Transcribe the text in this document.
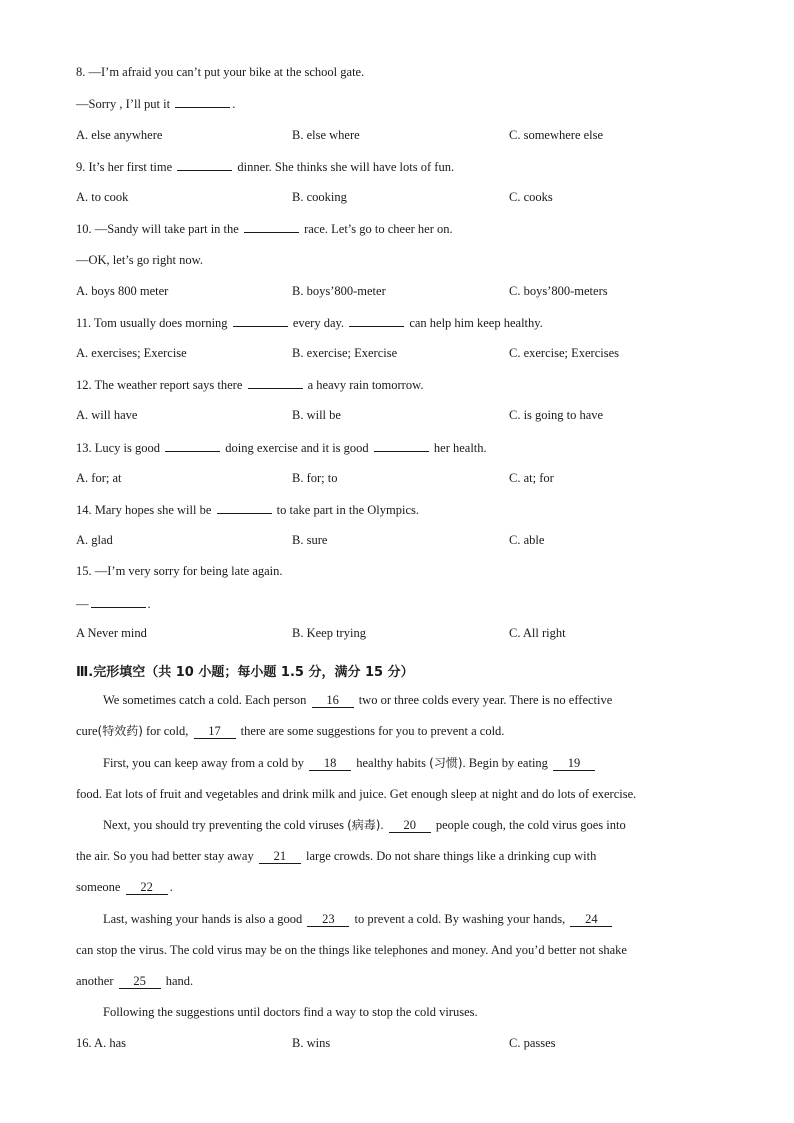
8. —I’m afraid you can’t put your bike at the school gate.
—Sorry , I’ll put it	.
A. else anywhere	B. else where	C. somewhere else
9. It’s her first time	dinner. She thinks she will have lots of fun.
A. to cook	B. cooking	C. cooks
10. —Sandy will take part in the	race. Let’s go to cheer her on.
—OK, let’s go right now.
A. boys 800 meter	B. boys’800-meter	C. boys’800-meters
11. Tom usually does morning	every day.	can help him keep healthy.
A. exercises; Exercise	B. exercise; Exercise	C. exercise; Exercises
12. The weather report says there	a heavy rain tomorrow.
A. will have	B. will be	C. is going to have
13. Lucy is good	doing exercise and it is good	her health.
A. for; at	B. for; to	C. at; for
14. Mary hopes she will be	to take part in the Olympics.
A. glad	B. sure	C. able
15. —I’m very sorry for being late again.
—	.
A Never mind	B. Keep trying	C. All right
Ⅲ.完形填空（共 10 小题；每小题 1.5 分，满分 15 分）
We sometimes catch a cold. Each person 16 two or three colds every year. There is no effective
cure(特效药) for cold, 17 there are some suggestions for you to prevent a cold.
First, you can keep away from a cold by 18 healthy habits (习惯). Begin by eating 19
food. Eat lots of fruit and vegetables and drink milk and juice. Get enough sleep at night and do lots of exercise.
Next, you should try preventing the cold viruses (病毒). 20 people cough, the cold virus goes into
the air. So you had better stay away 21 large crowds. Do not share things like a drinking cup with
someone 22 .
Last, washing your hands is also a good 23 to prevent a cold. By washing your hands, 24
can stop the virus. The cold virus may be on the things like telephones and money. And you’d better not shake
another 25 hand.
Following the suggestions until doctors find a way to stop the cold viruses.
16. A. has	B. wins	C. passes
